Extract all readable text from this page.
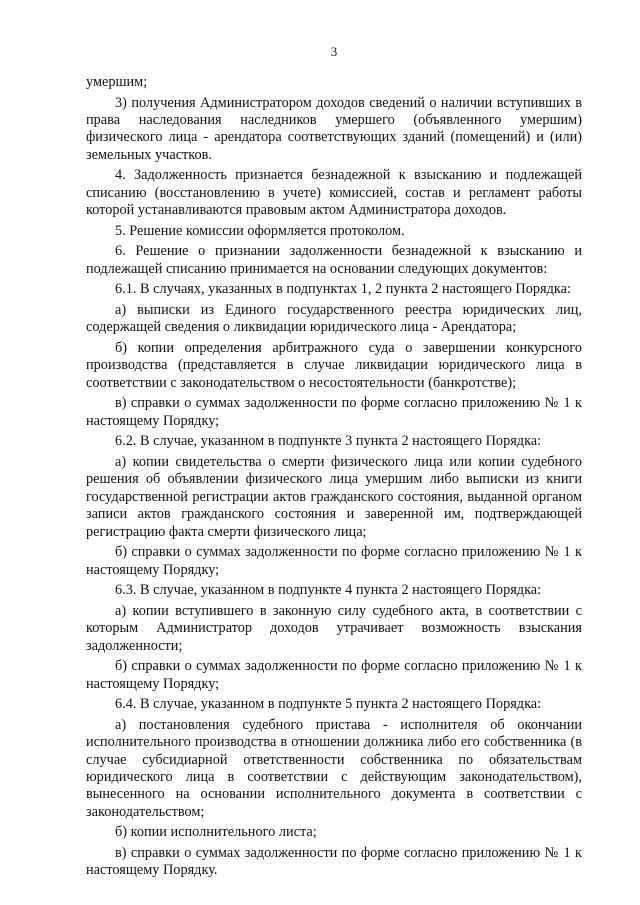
3

умершим;

3) получения Администратором доходов сведений о наличии вступивших в права наследования наследников умершего (объявленного умершим) физического лица - арендатора соответствующих зданий (помещений) и (или) земельных участков.

4. Задолженность признается безнадежной к взысканию и подлежащей списанию (восстановлению в учете) комиссией, состав и регламент работы которой устанавливаются правовым актом Администратора доходов.

5. Решение комиссии оформляется протоколом.

6. Решение о признании задолженности безнадежной к взысканию и подлежащей списанию принимается на основании следующих документов:

6.1. В случаях, указанных в подпунктах 1, 2 пункта 2 настоящего Порядка:

а) выписки из Единого государственного реестра юридических лиц, содержащей сведения о ликвидации юридического лица - Арендатора;

б) копии определения арбитражного суда о завершении конкурсного производства (представляется в случае ликвидации юридического лица в соответствии с законодательством о несостоятельности (банкротстве);

в) справки о суммах задолженности по форме согласно приложению № 1 к настоящему Порядку;

6.2. В случае, указанном в подпункте 3 пункта 2 настоящего Порядка:

а) копии свидетельства о смерти физического лица или копии судебного решения об объявлении физического лица умершим либо выписки из книги государственной регистрации актов гражданского состояния, выданной органом записи актов гражданского состояния и заверенной им, подтверждающей регистрацию факта смерти физического лица;

б) справки о суммах задолженности по форме согласно приложению № 1 к настоящему Порядку;

6.3. В случае, указанном в подпункте 4 пункта 2 настоящего Порядка:

а) копии вступившего в законную силу судебного акта, в соответствии с которым Администратор доходов утрачивает возможность взыскания задолженности;

б) справки о суммах задолженности по форме согласно приложению № 1 к настоящему Порядку;

6.4. В случае, указанном в подпункте 5 пункта 2 настоящего Порядка:

а) постановления судебного пристава - исполнителя об окончании исполнительного производства в отношении должника либо его собственника (в случае субсидиарной ответственности собственника по обязательствам юридического лица в соответствии с действующим законодательством), вынесенного на основании исполнительного документа в соответствии с законодательством;

б) копии исполнительного листа;

в) справки о суммах задолженности по форме согласно приложению № 1 к настоящему Порядку.
